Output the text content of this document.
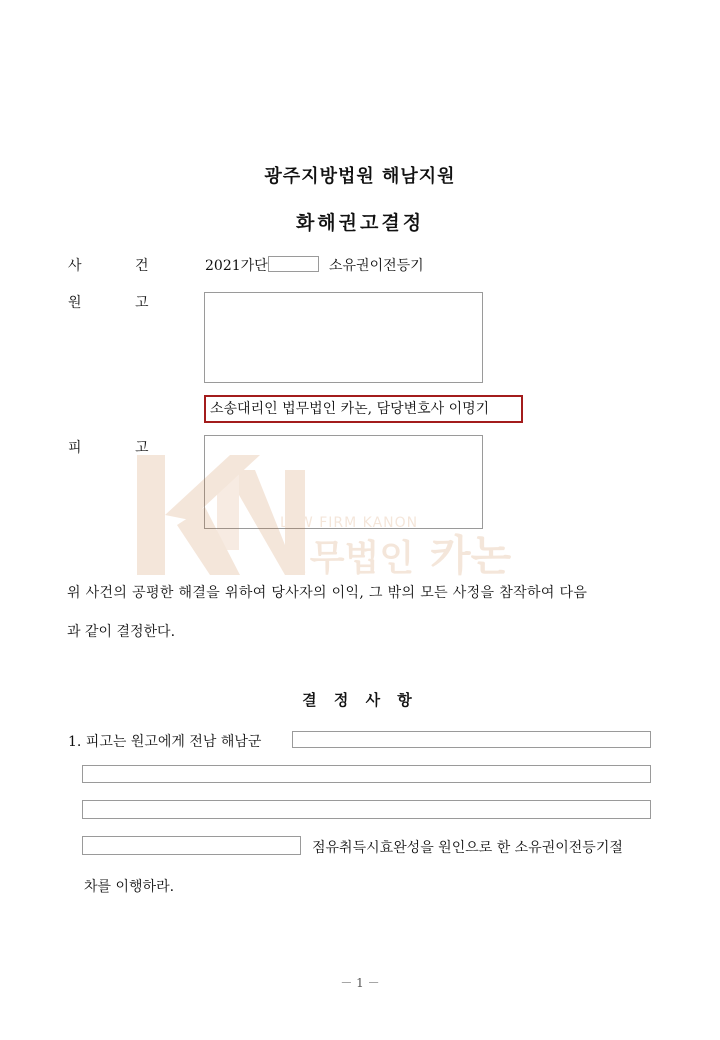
광주지방법원 해남지원
화해권고결정
사	건	2021가단	소유권이전등기
원	고
소송대리인 법무법인 카논, 담당변호사 이명기
피	고
LAW FIRM KANON
법무법인 카논
위 사건의 공평한 해결을 위하여 당사자의 이익, 그 밖의 모든 사정을 참작하여 다음
과 같이 결정한다.
결 정 사 항
1. 피고는 원고에게 전남 해남군
점유취득시효완성을 원인으로 한 소유권이전등기절
차를 이행하라.
－ 1 －
